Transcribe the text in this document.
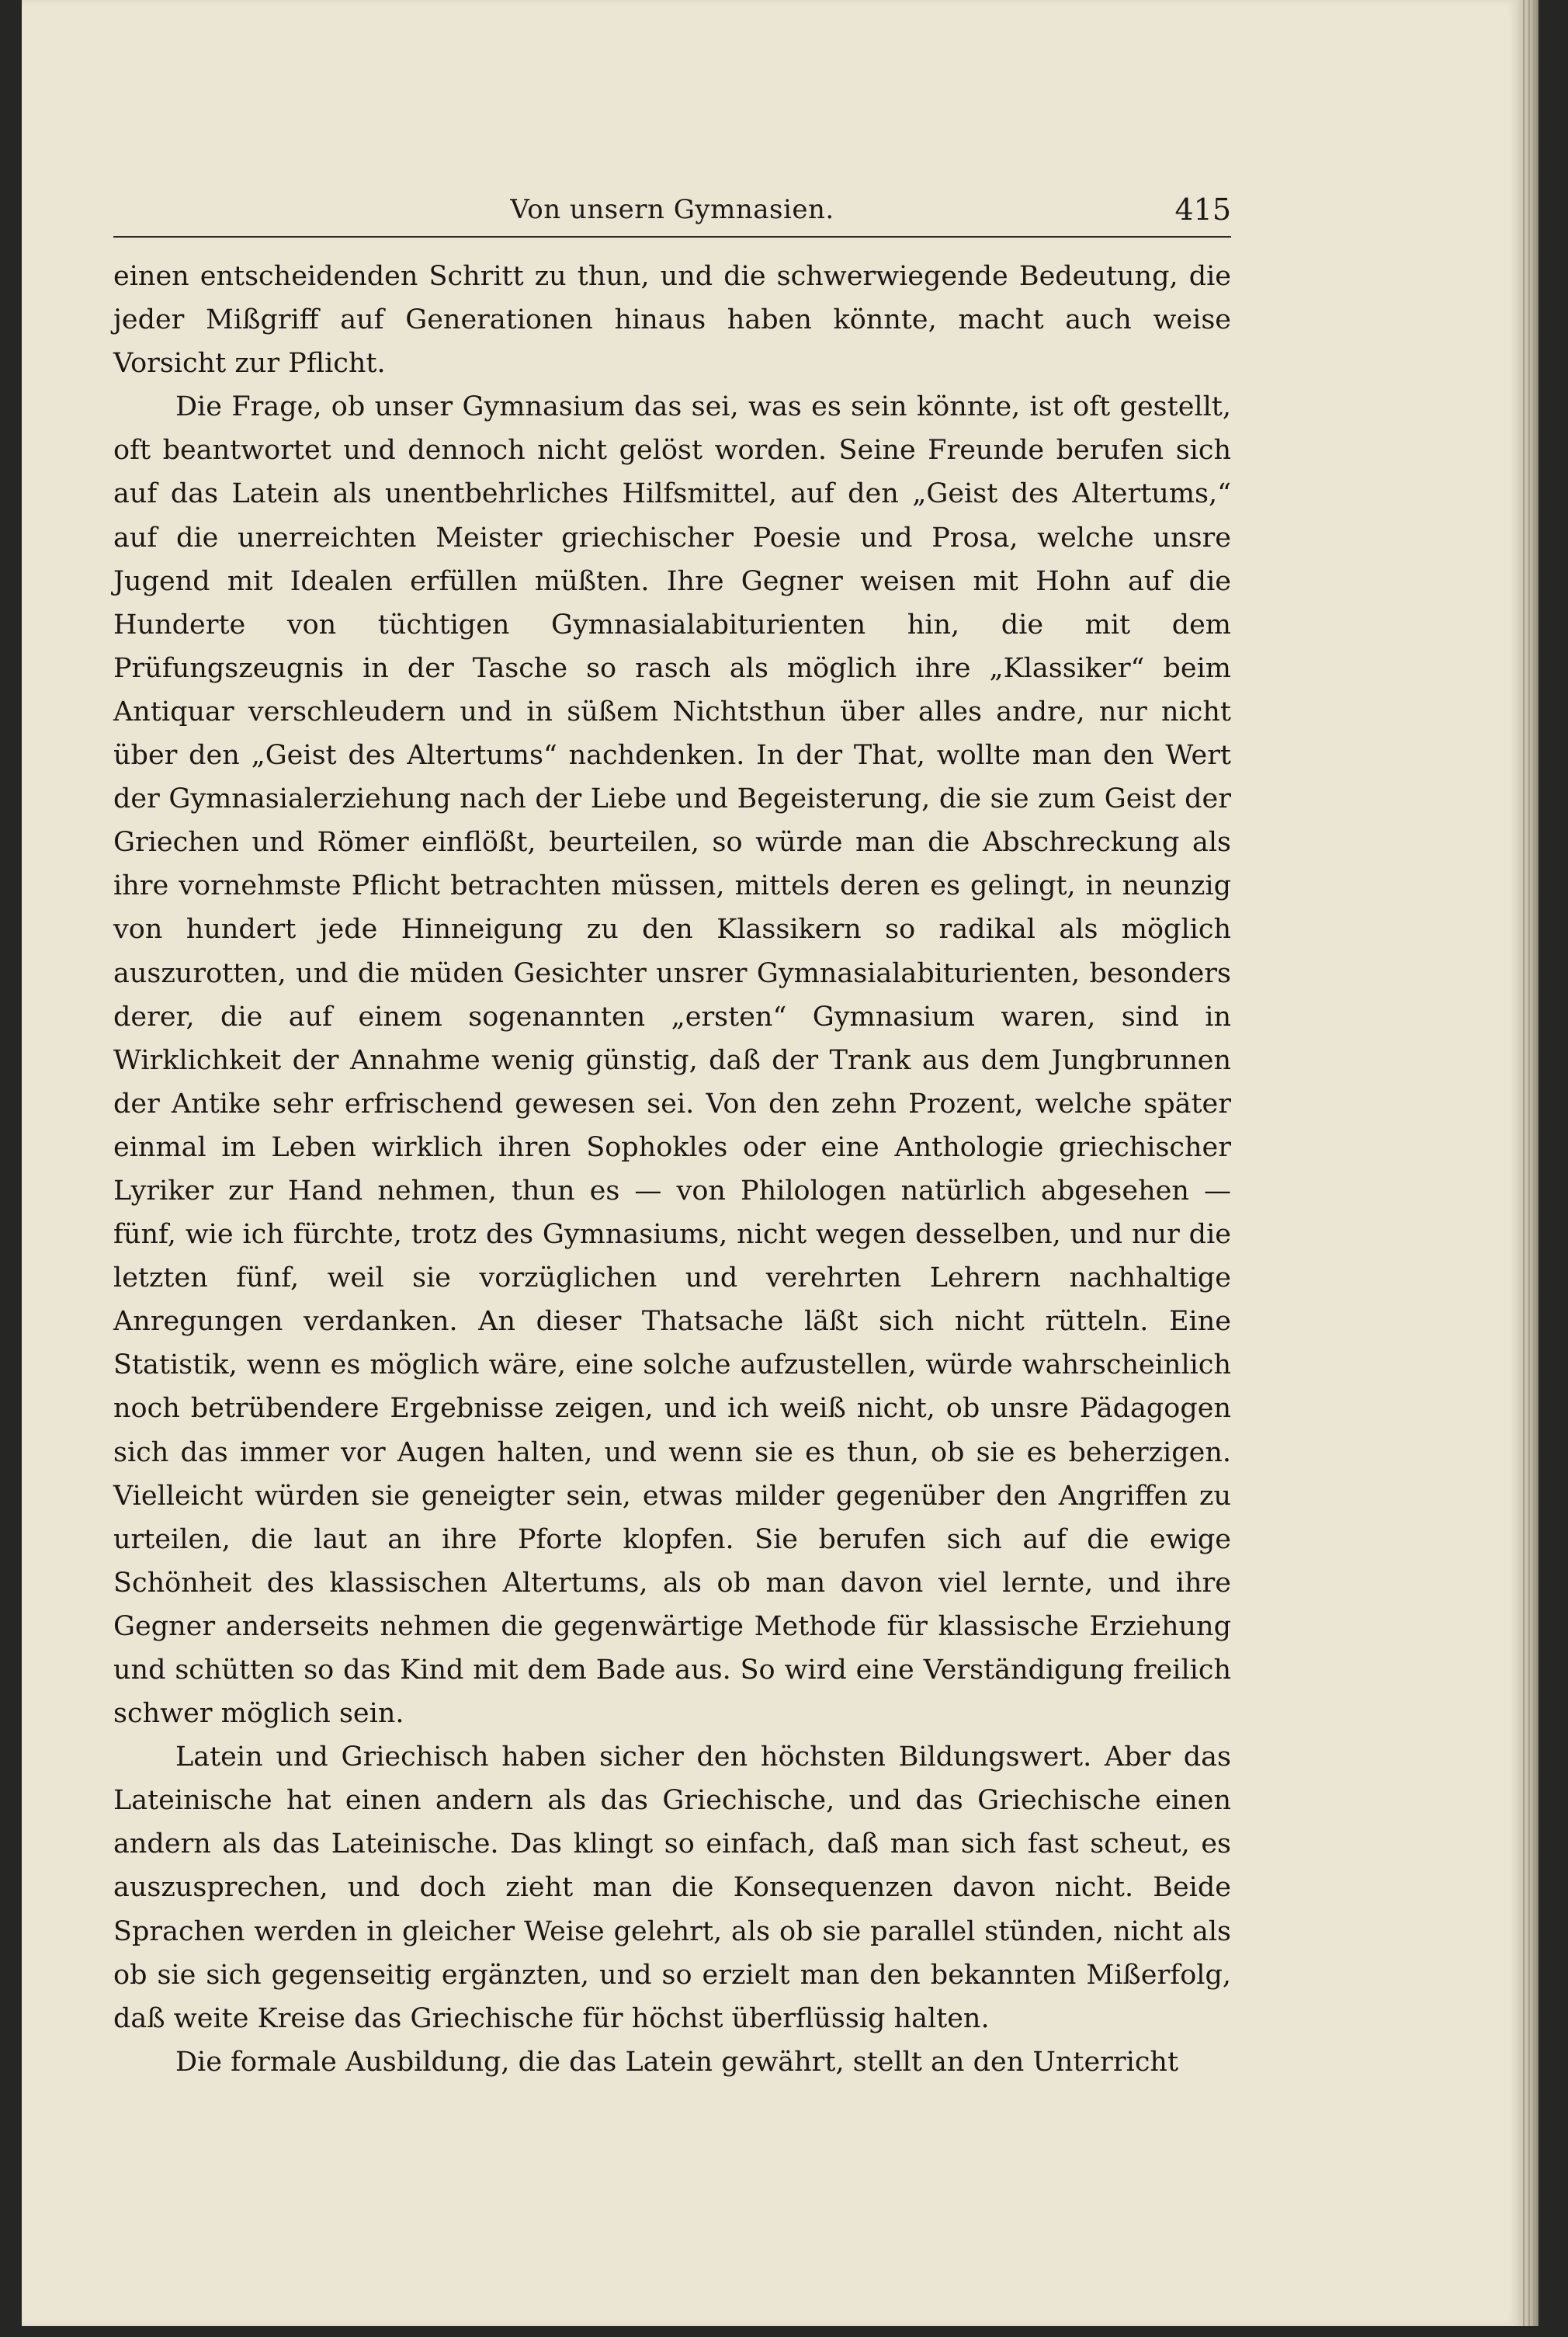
Von unsern Gymnasien.	415

einen entscheidenden Schritt zu thun, und die schwerwiegende Bedeutung, die jeder Mißgriff auf Generationen hinaus haben könnte, macht auch weise Vorsicht zur Pflicht.

Die Frage, ob unser Gymnasium das sei, was es sein könnte, ist oft gestellt, oft beantwortet und dennoch nicht gelöst worden. Seine Freunde berufen sich auf das Latein als unentbehrliches Hilfsmittel, auf den „Geist des Altertums,“ auf die unerreichten Meister griechischer Poesie und Prosa, welche unsre Jugend mit Idealen erfüllen müßten. Ihre Gegner weisen mit Hohn auf die Hunderte von tüchtigen Gymnasialabiturienten hin, die mit dem Prüfungszeugnis in der Tasche so rasch als möglich ihre „Klassiker“ beim Antiquar verschleudern und in süßem Nichtsthun über alles andre, nur nicht über den „Geist des Altertums“ nachdenken. In der That, wollte man den Wert der Gymnasialerziehung nach der Liebe und Begeisterung, die sie zum Geist der Griechen und Römer einflößt, beurteilen, so würde man die Abschreckung als ihre vornehmste Pflicht betrachten müssen, mittels deren es gelingt, in neunzig von hundert jede Hinneigung zu den Klassikern so radikal als möglich auszurotten, und die müden Gesichter unsrer Gymnasialabiturienten, besonders derer, die auf einem sogenannten „ersten“ Gymnasium waren, sind in Wirklichkeit der Annahme wenig günstig, daß der Trank aus dem Jungbrunnen der Antike sehr erfrischend gewesen sei. Von den zehn Prozent, welche später einmal im Leben wirklich ihren Sophokles oder eine Anthologie griechischer Lyriker zur Hand nehmen, thun es — von Philologen natürlich abgesehen — fünf, wie ich fürchte, trotz des Gymnasiums, nicht wegen desselben, und nur die letzten fünf, weil sie vorzüglichen und verehrten Lehrern nachhaltige Anregungen verdanken. An dieser Thatsache läßt sich nicht rütteln. Eine Statistik, wenn es möglich wäre, eine solche aufzustellen, würde wahrscheinlich noch betrübendere Ergebnisse zeigen, und ich weiß nicht, ob unsre Pädagogen sich das immer vor Augen halten, und wenn sie es thun, ob sie es beherzigen. Vielleicht würden sie geneigter sein, etwas milder gegenüber den Angriffen zu urteilen, die laut an ihre Pforte klopfen. Sie berufen sich auf die ewige Schönheit des klassischen Altertums, als ob man davon viel lernte, und ihre Gegner anderseits nehmen die gegenwärtige Methode für klassische Erziehung und schütten so das Kind mit dem Bade aus. So wird eine Verständigung freilich schwer möglich sein.

Latein und Griechisch haben sicher den höchsten Bildungswert. Aber das Lateinische hat einen andern als das Griechische, und das Griechische einen andern als das Lateinische. Das klingt so einfach, daß man sich fast scheut, es auszusprechen, und doch zieht man die Konsequenzen davon nicht. Beide Sprachen werden in gleicher Weise gelehrt, als ob sie parallel stünden, nicht als ob sie sich gegenseitig ergänzten, und so erzielt man den bekannten Mißerfolg, daß weite Kreise das Griechische für höchst überflüssig halten.

Die formale Ausbildung, die das Latein gewährt, stellt an den Unterricht
